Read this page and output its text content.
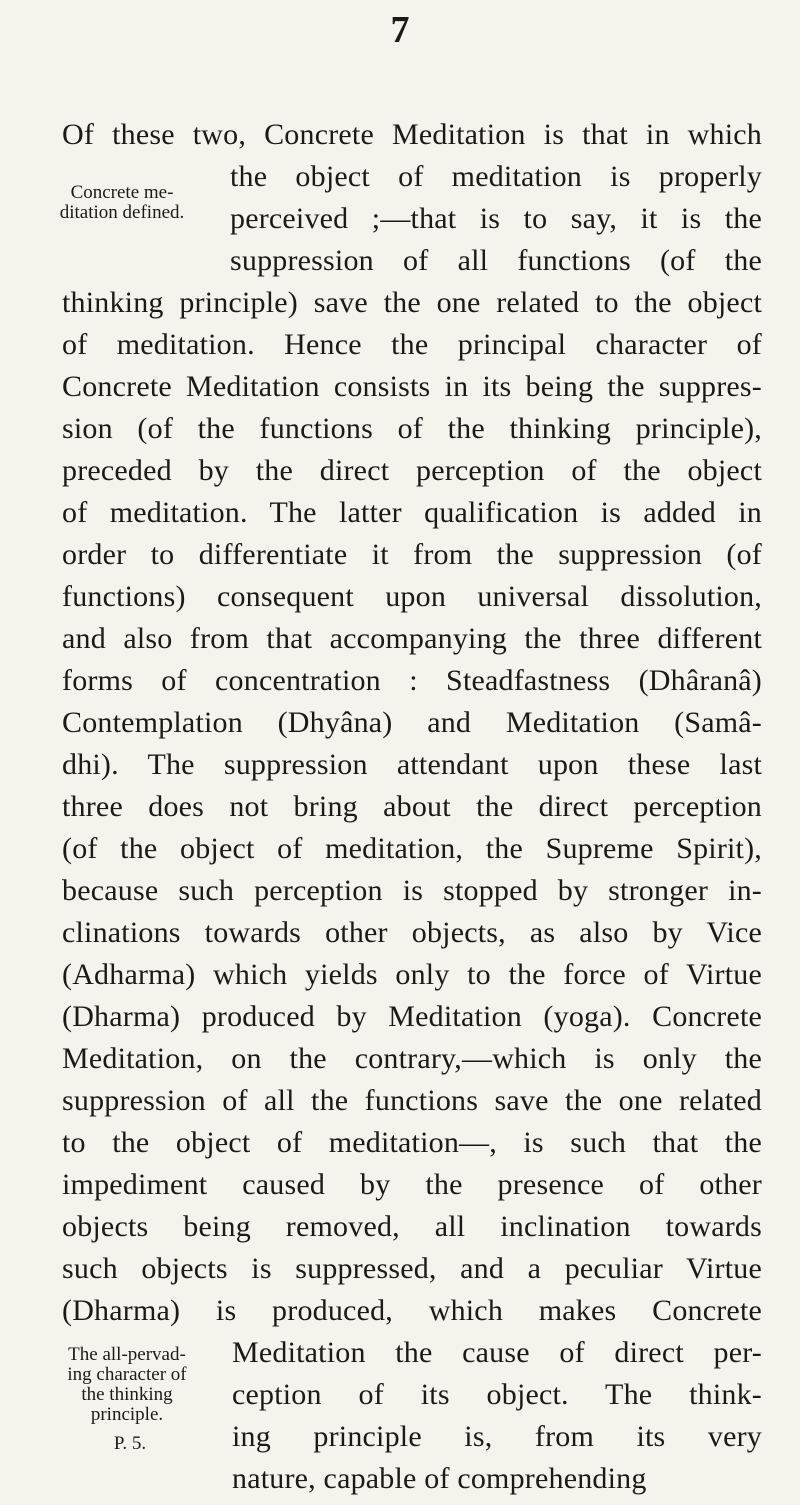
7
Concrete me-
ditation defined.
The all-pervad-
ing character of
the thinking
principle.
P. 5.
Of these two, Concrete Meditation is that in which
the object of meditation is properly
perceived ;—that is to say, it is the
suppression of all functions (of the
thinking principle) save the one related to the object
of meditation. Hence the principal character of
Concrete Meditation consists in its being the suppres-
sion (of the functions of the thinking principle),
preceded by the direct perception of the object
of meditation. The latter qualification is added in
order to differentiate it from the suppression (of
functions) consequent upon universal dissolution,
and also from that accompanying the three different
forms of concentration : Steadfastness (Dhâranâ)
Contemplation (Dhyâna) and Meditation (Samâ-
dhi). The suppression attendant upon these last
three does not bring about the direct perception
(of the object of meditation, the Supreme Spirit),
because such perception is stopped by stronger in-
clinations towards other objects, as also by Vice
(Adharma) which yields only to the force of Virtue
(Dharma) produced by Meditation (yoga). Concrete
Meditation, on the contrary,—which is only the
suppression of all the functions save the one related
to the object of meditation—, is such that the
impediment caused by the presence of other
objects being removed, all inclination towards
such objects is suppressed, and a peculiar Virtue
(Dharma) is produced, which makes Concrete
Meditation the cause of direct per-
ception of its object. The think-
ing principle is, from its very
nature, capable of comprehending
